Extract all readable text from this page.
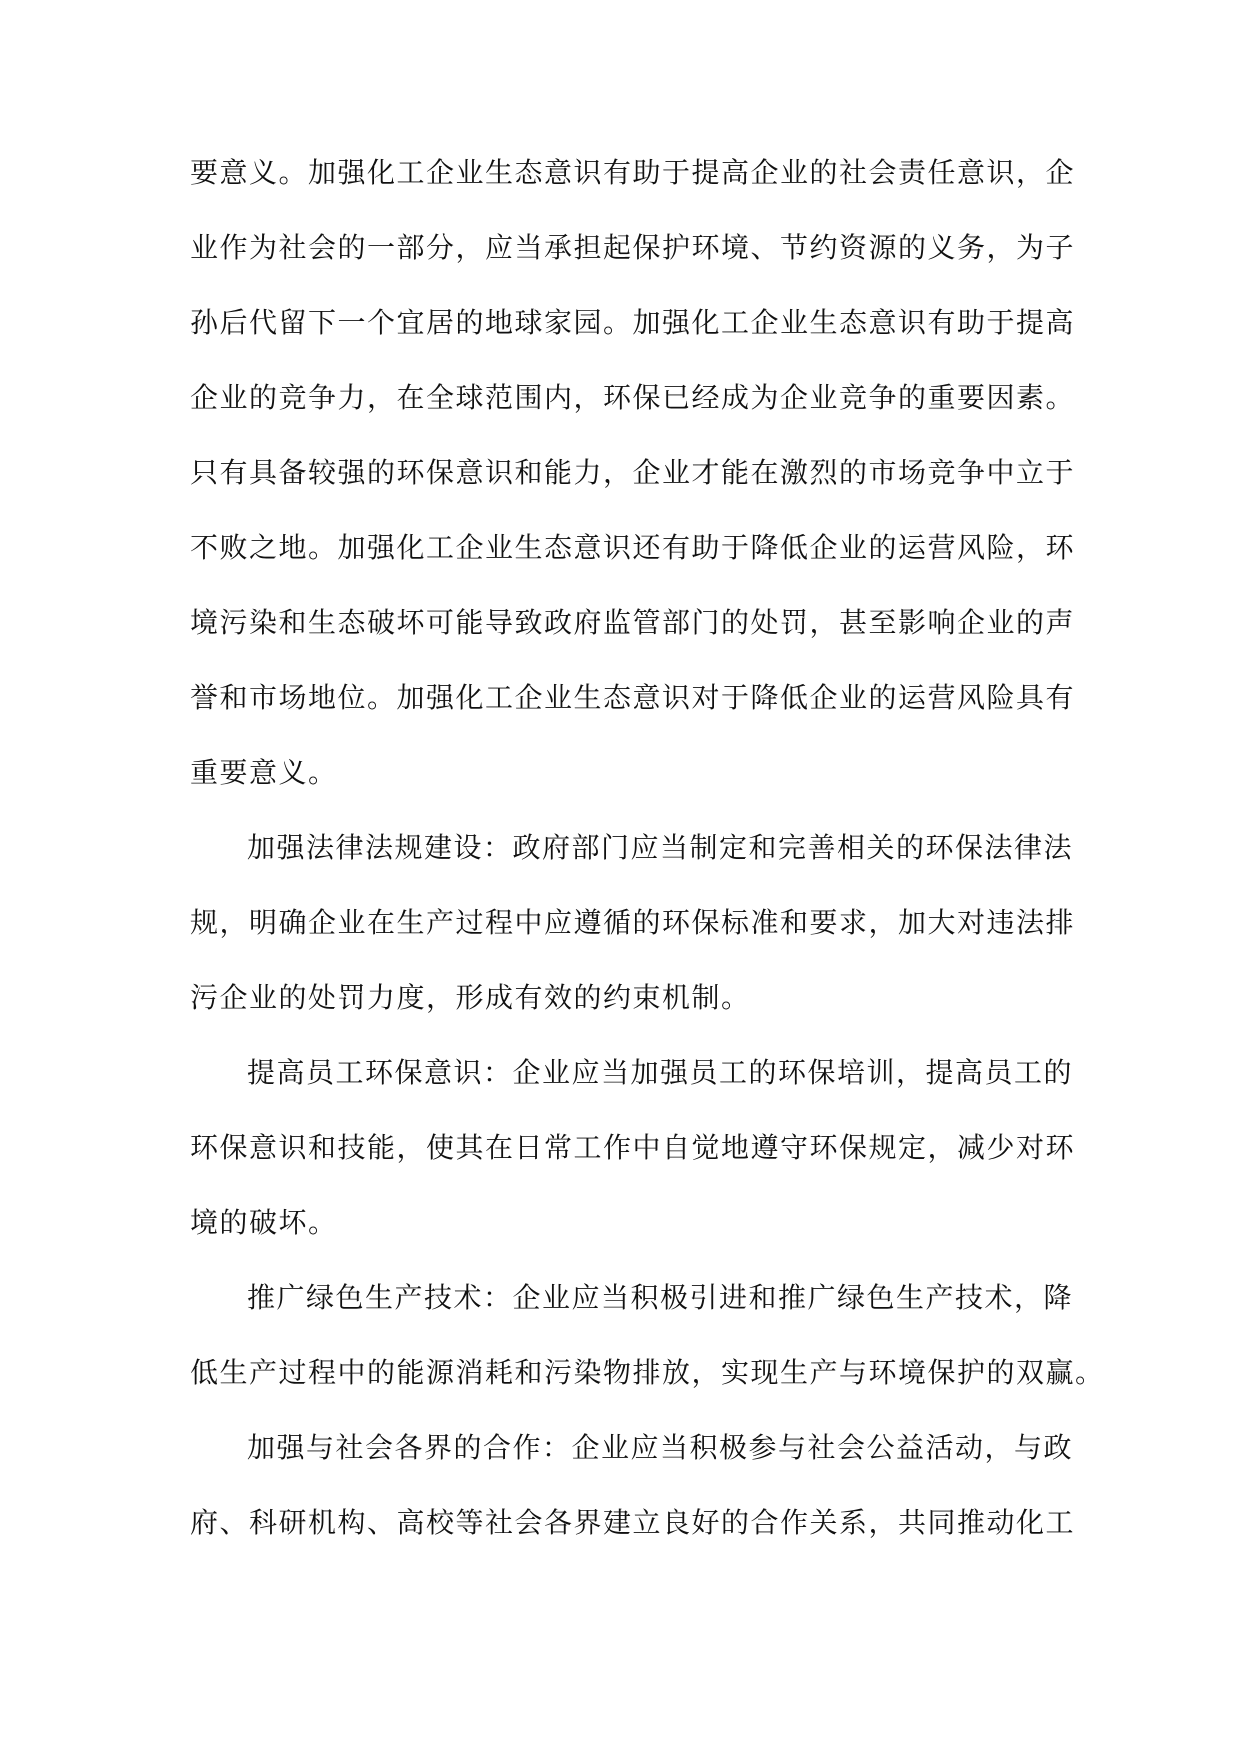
要意义。加强化工企业生态意识有助于提高企业的社会责任意识，企
业作为社会的一部分，应当承担起保护环境、节约资源的义务，为子
孙后代留下一个宜居的地球家园。加强化工企业生态意识有助于提高
企业的竞争力，在全球范围内，环保已经成为企业竞争的重要因素。
只有具备较强的环保意识和能力，企业才能在激烈的市场竞争中立于
不败之地。加强化工企业生态意识还有助于降低企业的运营风险，环
境污染和生态破坏可能导致政府监管部门的处罚，甚至影响企业的声
誉和市场地位。加强化工企业生态意识对于降低企业的运营风险具有
重要意义。
加强法律法规建设：政府部门应当制定和完善相关的环保法律法
规，明确企业在生产过程中应遵循的环保标准和要求，加大对违法排
污企业的处罚力度，形成有效的约束机制。
提高员工环保意识：企业应当加强员工的环保培训，提高员工的
环保意识和技能，使其在日常工作中自觉地遵守环保规定，减少对环
境的破坏。
推广绿色生产技术：企业应当积极引进和推广绿色生产技术，降
低生产过程中的能源消耗和污染物排放，实现生产与环境保护的双赢。
加强与社会各界的合作：企业应当积极参与社会公益活动，与政
府、科研机构、高校等社会各界建立良好的合作关系，共同推动化工
